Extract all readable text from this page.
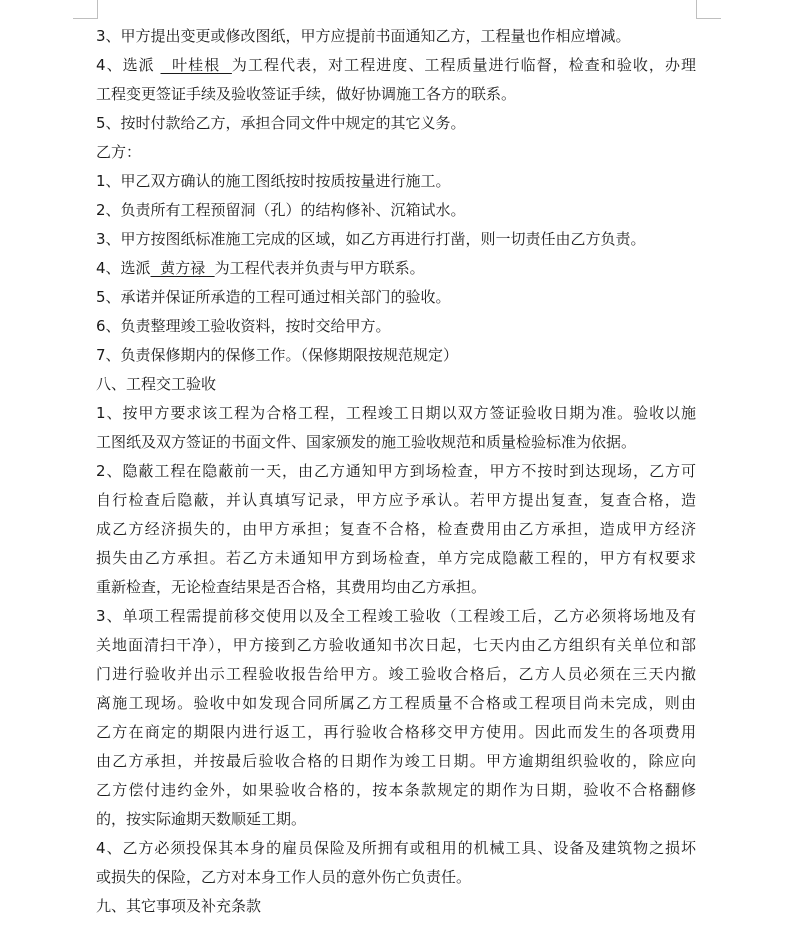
3、甲方提出变更或修改图纸，甲方应提前书面通知乙方，工程量也作相应增减。
4、选派   叶桂根  为工程代表，对工程进度、工程质量进行临督，检查和验收，办理
工程变更签证手续及验收签证手续，做好协调施工各方的联系。
5、按时付款给乙方，承担合同文件中规定的其它义务。
乙方：
1、甲乙双方确认的施工图纸按时按质按量进行施工。
2、负责所有工程预留洞（孔）的结构修补、沉箱试水。
3、甲方按图纸标准施工完成的区域，如乙方再进行打凿，则一切责任由乙方负责。
4、选派  黄方禄  为工程代表并负责与甲方联系。
5、承诺并保证所承造的工程可通过相关部门的验收。
6、负责整理竣工验收资料，按时交给甲方。
7、负责保修期内的保修工作。（保修期限按规范规定）
八、工程交工验收
1、按甲方要求该工程为合格工程，工程竣工日期以双方签证验收日期为准。验收以施
工图纸及双方签证的书面文件、国家颁发的施工验收规范和质量检验标准为依据。
2、隐蔽工程在隐蔽前一天，由乙方通知甲方到场检查，甲方不按时到达现场，乙方可
自行检查后隐蔽，并认真填写记录，甲方应予承认。若甲方提出复查，复查合格，造
成乙方经济损失的，由甲方承担；复查不合格，检查费用由乙方承担，造成甲方经济
损失由乙方承担。若乙方未通知甲方到场检查，单方完成隐蔽工程的，甲方有权要求
重新检查，无论检查结果是否合格，其费用均由乙方承担。
3、单项工程需提前移交使用以及全工程竣工验收（工程竣工后，乙方必须将场地及有
关地面清扫干净），甲方接到乙方验收通知书次日起，七天内由乙方组织有关单位和部
门进行验收并出示工程验收报告给甲方。竣工验收合格后，乙方人员必须在三天内撤
离施工现场。验收中如发现合同所属乙方工程质量不合格或工程项目尚未完成，则由
乙方在商定的期限内进行返工，再行验收合格移交甲方使用。因此而发生的各项费用
由乙方承担，并按最后验收合格的日期作为竣工日期。甲方逾期组织验收的，除应向
乙方偿付违约金外，如果验收合格的，按本条款规定的期作为日期，验收不合格翻修
的，按实际逾期天数顺延工期。
4、乙方必须投保其本身的雇员保险及所拥有或租用的机械工具、设备及建筑物之损坏
或损失的保险，乙方对本身工作人员的意外伤亡负责任。
九、其它事项及补充条款
